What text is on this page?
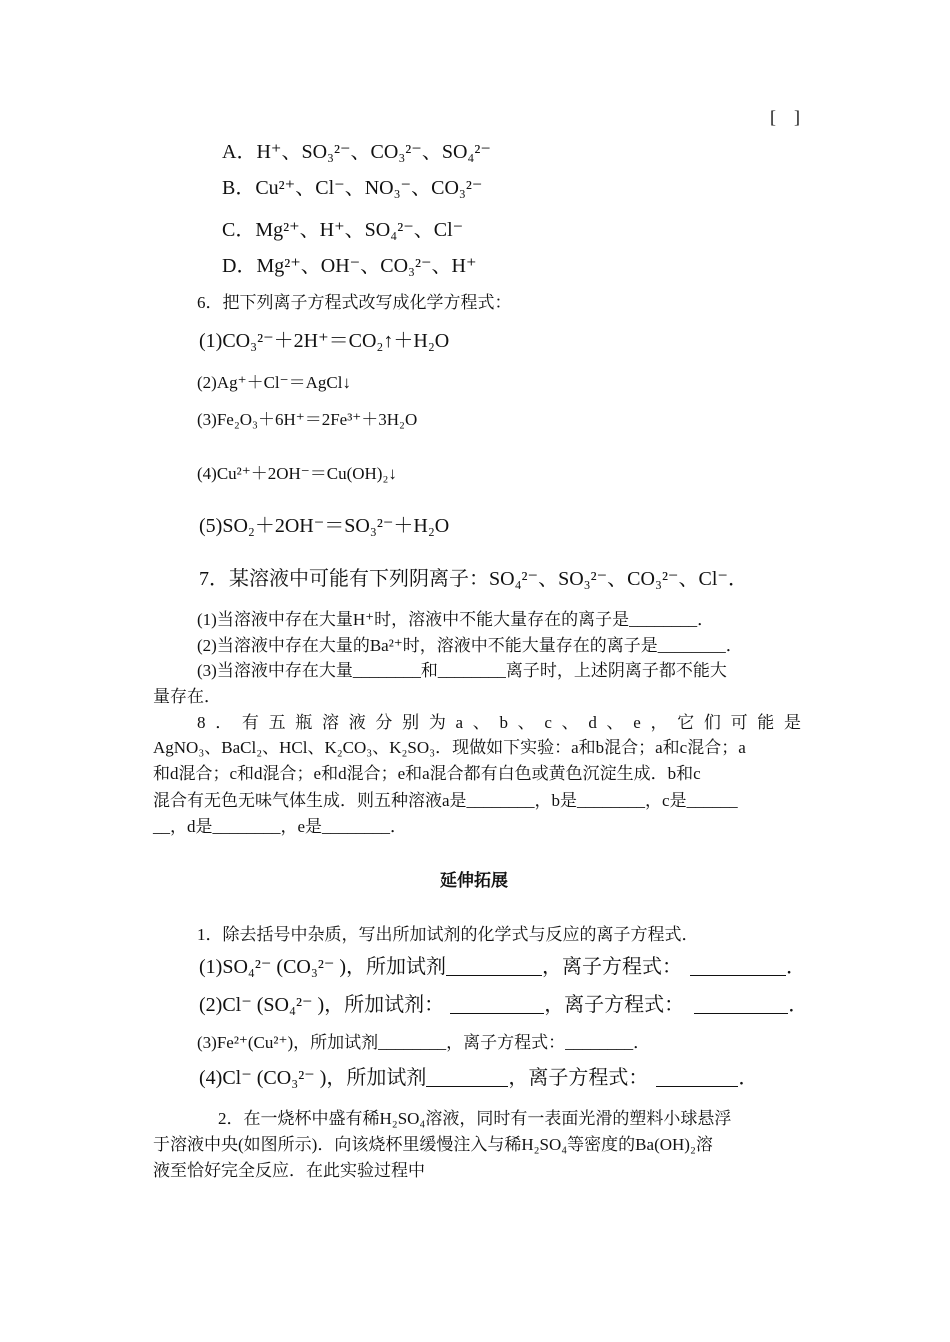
[　]
A．H⁺、SO₃²⁻、CO₃²⁻、SO₄²⁻
B．Cu²⁺、Cl⁻、NO₃⁻、CO₃²⁻
C．Mg²⁺、H⁺、SO₄²⁻、Cl⁻
D．Mg²⁺、OH⁻、CO₃²⁻、H⁺
6．把下列离子方程式改写成化学方程式：
(1)CO₃²⁻＋2H⁺＝CO₂↑＋H₂O
(2)Ag⁺＋Cl⁻＝AgCl↓
(3)Fe₂O₃＋6H⁺＝2Fe³⁺＋3H₂O
(4)Cu²⁺＋2OH⁻＝Cu(OH)₂↓
(5)SO₂＋2OH⁻＝SO₃²⁻＋H₂O
7．某溶液中可能有下列阴离子：SO₄²⁻、SO₃²⁻、CO₃²⁻、Cl⁻．
(1)当溶液中存在大量H⁺时，溶液中不能大量存在的离子是________．
(2)当溶液中存在大量的Ba²⁺时，溶液中不能大量存在的离子是________．
(3)当溶液中存在大量________和________离子时，上述阴离子都不能大
量存在．
8．有五瓶溶液分别为a、b、c、d、e，它们可能是
AgNO₃、BaCl₂、HCl、K₂CO₃、K₂SO₃．现做如下实验：a和b混合；a和c混合；a
和d混合；c和d混合；e和d混合；e和a混合都有白色或黄色沉淀生成．b和c
混合有无色无味气体生成．则五种溶液a是________，b是________，c是______
__，d是________，e是________．
延伸拓展
1．除去括号中杂质，写出所加试剂的化学式与反应的离子方程式．
(1)SO₄²⁻ (CO₃²⁻ )，所加试剂	，离子方程式：	．
(2)Cl⁻ (SO₄²⁻ )，所加试剂：	，离子方程式：	．
(3)Fe²⁺(Cu²⁺)，所加试剂________，离子方程式：________．
(4)Cl⁻ (CO₃²⁻ )，所加试剂	，离子方程式：	．
2．在一烧杯中盛有稀H₂SO₄溶液，同时有一表面光滑的塑料小球悬浮
于溶液中央(如图所示)．向该烧杯里缓慢注入与稀H₂SO₄等密度的Ba(OH)₂溶
液至恰好完全反应．在此实验过程中
